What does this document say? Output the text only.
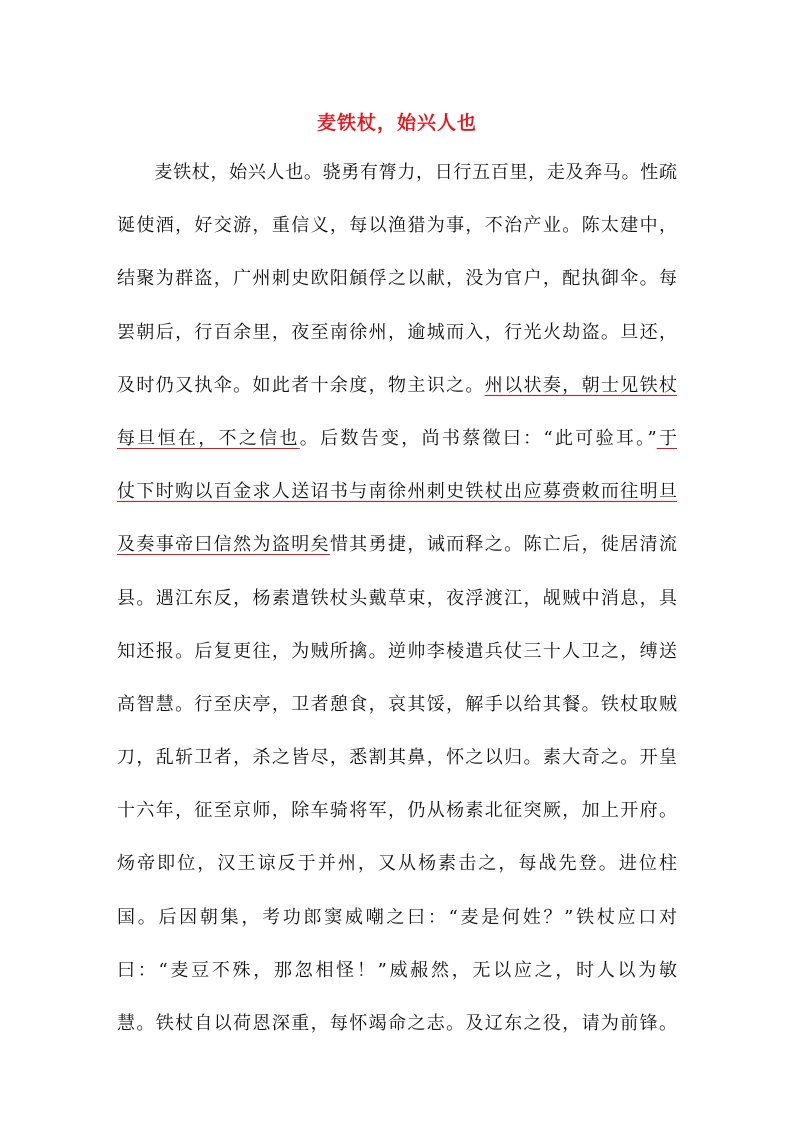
麦铁杖，始兴人也
　　麦铁杖，始兴人也。骁勇有膂力，日行五百里，走及奔马。性疏
诞使酒，好交游，重信义，每以渔猎为事，不治产业。陈太建中，
结聚为群盗，广州刺史欧阳頠俘之以献，没为官户，配执御伞。每
罢朝后，行百余里，夜至南徐州，逾城而入，行光火劫盗。旦还，
及时仍又执伞。如此者十余度，物主识之。州以状奏，朝士见铁杖
每旦恒在，不之信也。后数告变，尚书蔡徵曰：“此可验耳。”于
仗下时购以百金求人送诏书与南徐州刺史铁杖出应募赍敕而往明旦
及奏事帝曰信然为盗明矣惜其勇捷，诫而释之。陈亡后，徙居清流
县。遇江东反，杨素遣铁杖头戴草束，夜浮渡江，觇贼中消息，具
知还报。后复更往，为贼所擒。逆帅李棱遣兵仗三十人卫之，缚送
高智慧。行至庆亭，卫者憩食，哀其馁，解手以给其餐。铁杖取贼
刀，乱斩卫者，杀之皆尽，悉割其鼻，怀之以归。素大奇之。开皇
十六年，征至京师，除车骑将军，仍从杨素北征突厥，加上开府。
炀帝即位，汉王谅反于并州，又从杨素击之，每战先登。进位柱
国。后因朝集，考功郎窦威嘲之曰：“麦是何姓？”铁杖应口对
曰：“麦豆不殊，那忽相怪！”威赧然，无以应之，时人以为敏
慧。铁杖自以荷恩深重，每怀竭命之志。及辽东之役，请为前锋。
